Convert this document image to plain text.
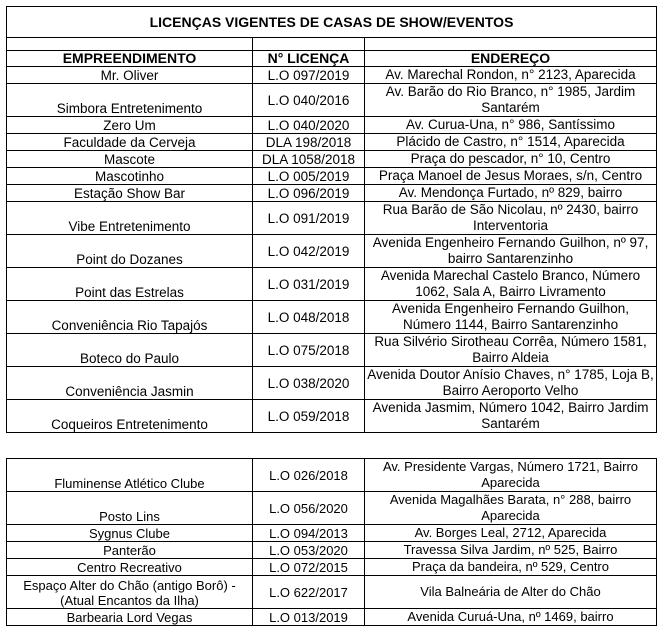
LICENÇAS VIGENTES DE CASAS DE SHOW/EVENTOS		

EMPREENDIMENTO	N° LICENÇA	ENDEREÇO
Mr. Oliver	L.O 097/2019	Av. Marechal Rondon, n° 2123, Aparecida
Simbora Entretenimento	L.O 040/2016	Av. Barão do Rio Branco, n° 1985, Jardim Santarém
Zero Um	L.O 040/2020	Av. Curua-Una, n° 986, Santíssimo
Faculdade da Cerveja	DLA 198/2018	Plácido de Castro, n° 1514, Aparecida
Mascote	DLA 1058/2018	Praça do pescador, n° 10, Centro
Mascotinho	L.O 005/2019	Praça Manoel de Jesus Moraes, s/n, Centro
Estação Show Bar	L.O 096/2019	Av. Mendonça Furtado, nº 829, bairro
Vibe Entretenimento	L.O 091/2019	Rua Barão de São Nicolau, nº 2430, bairro Interventoria
Point do Dozanes	L.O 042/2019	Avenida Engenheiro Fernando Guilhon, nº 97, bairro Santarenzinho
Point das Estrelas	L.O 031/2019	Avenida Marechal Castelo Branco, Número 1062, Sala A, Bairro Livramento
Conveniência Rio Tapajós	L.O 048/2018	Avenida Engenheiro Fernando Guilhon, Número 1144, Bairro Santarenzinho
Boteco do Paulo	L.O 075/2018	Rua Silvério Sirotheau Corrêa, Número 1581, Bairro Aldeia
Conveniência Jasmin	L.O 038/2020	Avenida Doutor Anísio Chaves, n° 1785, Loja B, Bairro Aeroporto Velho
Coqueiros Entretenimento	L.O 059/2018	Avenida Jasmim, Número 1042, Bairro Jardim Santarém
Fluminense Atlético Clube	L.O 026/2018	Av. Presidente Vargas, Número 1721, Bairro Aparecida
Posto Lins	L.O 056/2020	Avenida Magalhães Barata, n° 288, bairro Aparecida
Sygnus Clube	L.O 094/2013	Av. Borges Leal, 2712, Aparecida
Panterão	L.O 053/2020	Travessa Silva Jardim, nº 525, Bairro
Centro Recreativo	L.O 072/2015	Praça da bandeira, nº 529, Centro
Espaço Alter do Chão (antigo Borô) - (Atual Encantos da Ilha)	L.O 622/2017	Vila Balneária de Alter do Chão
Barbearia Lord Vegas	L.O 013/2019	Avenida Curuá-Una, nº 1469, bairro
